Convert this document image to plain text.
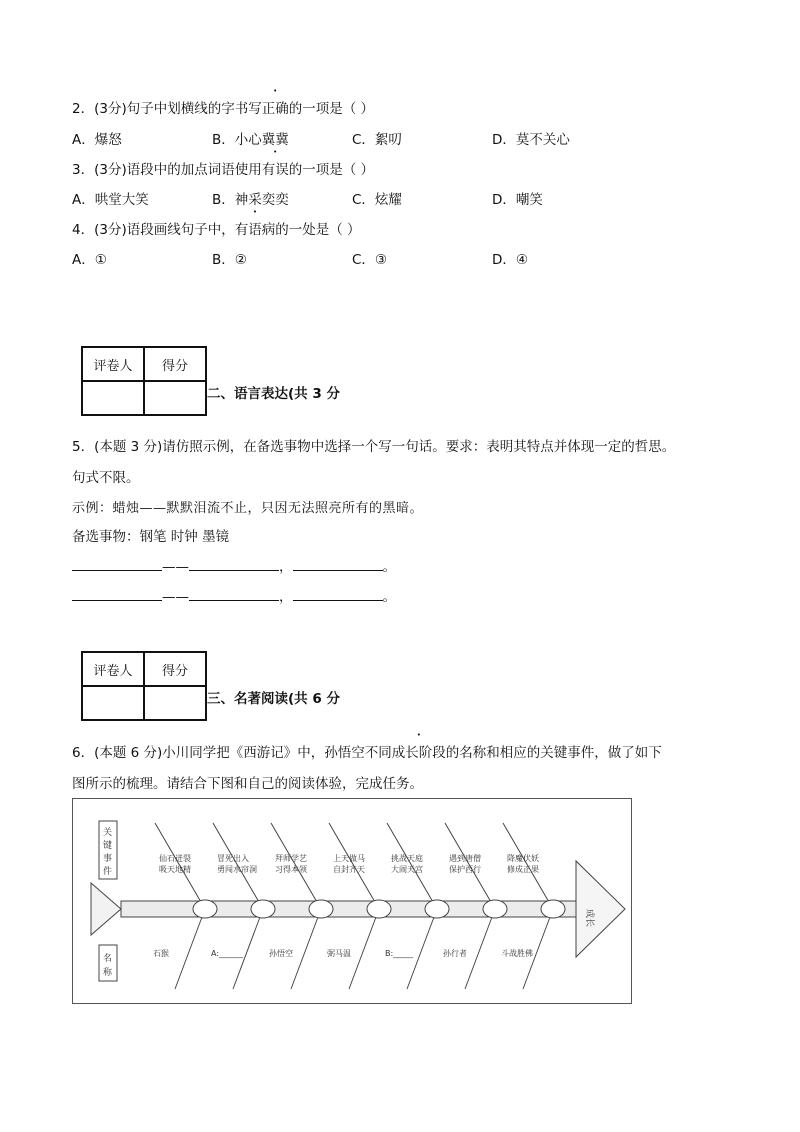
2．(3分)句子中划横线的字书写正确的一项是（ ）
A．爆怒	B．小心冀冀	C．絮叨	D．莫不关心
3．(3分)语段中的加点词语使用有误的一项是（ ）
A．哄堂大笑	B．神采奕奕	C．炫耀	D．嘲笑
4．(3分)语段画线句子中，有语病的一处是（ ）
A．①	B．②	C．③	D．④
评卷人	得分

二、语言表达(共 3 分
5．(本题 3 分)请仿照示例，在备选事物中选择一个写一句话。要求：表明其特点并体现一定的哲思。
句式不限。
示例：蜡烛——默默泪流不止，只因无法照亮所有的黑暗。
备选事物：钢笔 时钟 墨镜
——	，	。
——	，	。
评卷人	得分

三、名著阅读(共 6 分
6．(本题 6 分)小川同学把《西游记》中，孙悟空不同成长阶段的名称和相应的关键事件，做了如下
图所示的梳理。请结合下图和自己的阅读体验，完成任务。
关
键
事
件
名
称
成长
仙石迸裂
吸天地精
石猴
冒死出入
勇闯水帘洞
A:______
拜师学艺
习得本领
孙悟空
上天做马
自封齐天
弼马温
挑战天庭
大闹天宫
B:_____
遇到唐僧
保护西行
孙行者
降魔伏妖
修成正果
斗战胜佛
